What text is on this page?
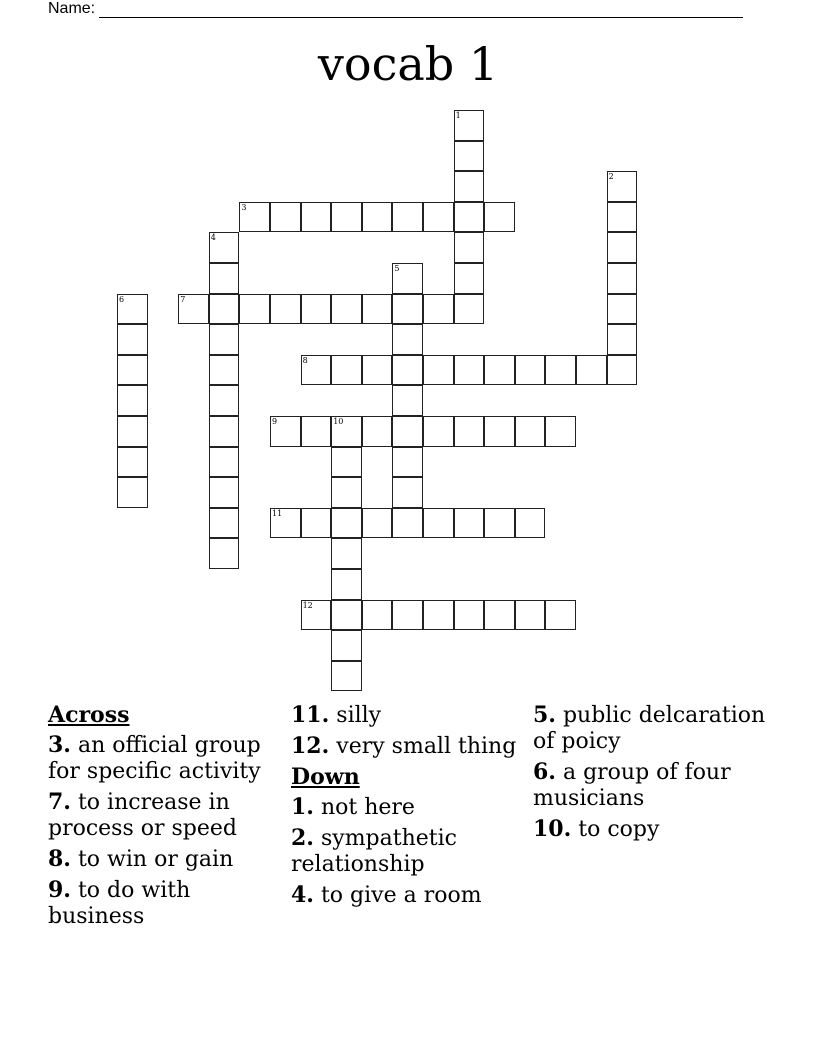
Name:
vocab 1
1
2
3
4
5
6	7
8
9	10
11
12
Across
3. an official group for specific activity
7. to increase in process or speed
8. to win or gain
9. to do with business
11. silly
12. very small thing
Down
1. not here
2. sympathetic relationship
4. to give a room
5. public delcaration of poicy
6. a group of four musicians
10. to copy
